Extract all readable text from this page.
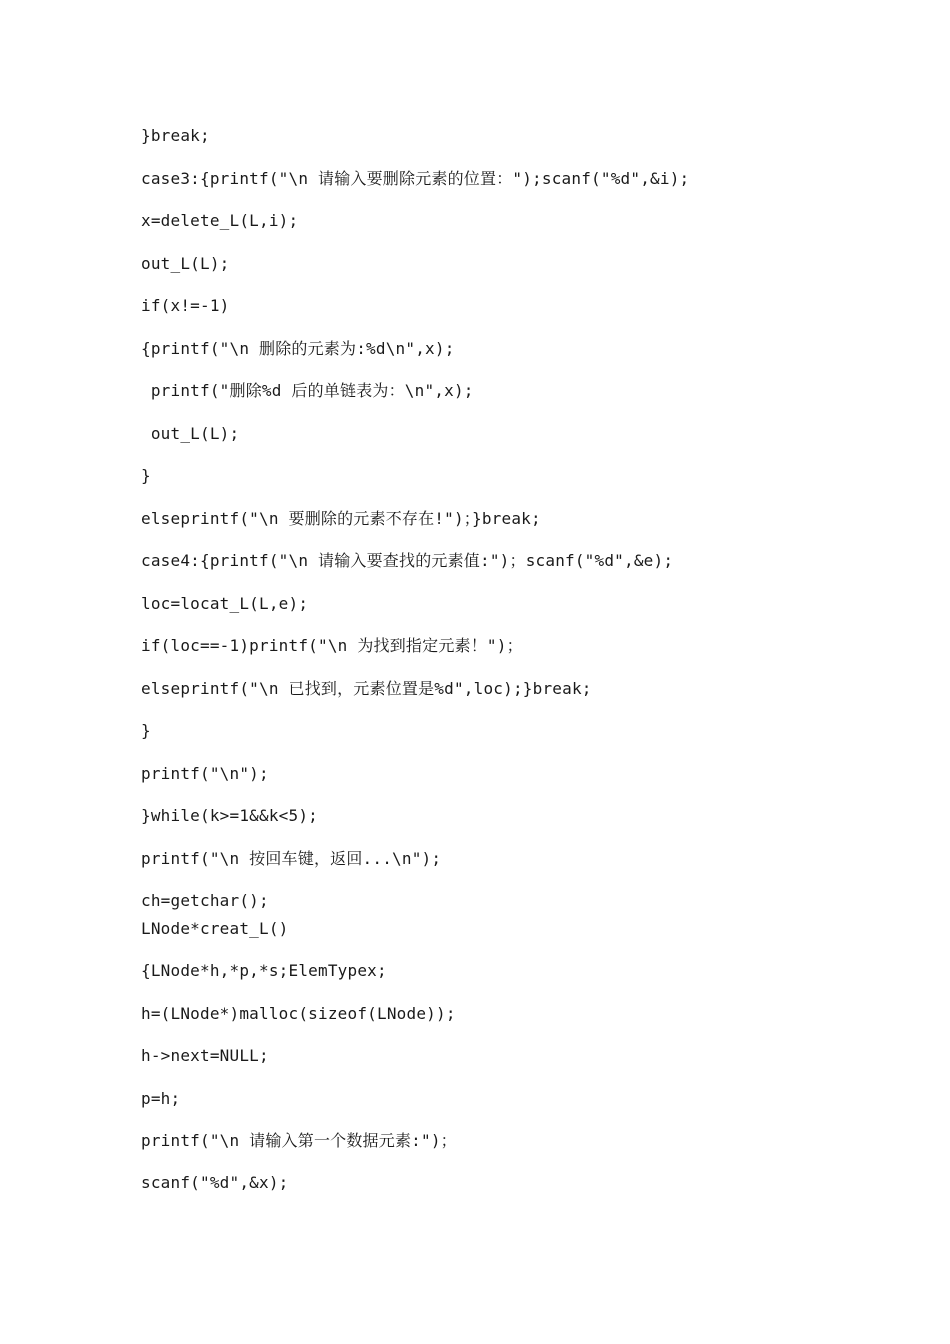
}break;
case3:{printf("\n 请输入要删除元素的位置：");scanf("%d",&i);
x=delete_L(L,i);
out_L(L);
if(x!=-1)
{printf("\n 删除的元素为:%d\n",x);
printf("删除%d 后的单链表为：\n",x);
out_L(L);
}
elseprintf("\n 要删除的元素不存在!")；}break;
case4:{printf("\n 请输入要查找的元素值:")；scanf("%d",&e);
loc=locat_L(L,e);
if(loc==-1)printf("\n 为找到指定元素！")；
elseprintf("\n 已找到，元素位置是%d",loc);}break;
}
printf("\n");
}while(k>=1&&k<5);
printf("\n 按回车键，返回...\n");
ch=getchar();
LNode*creat_L()
{LNode*h,*p,*s;ElemTypex;
h=(LNode*)malloc(sizeof(LNode));
h->next=NULL;
p=h;
printf("\n 请输入第一个数据元素:")；
scanf("%d",&x);
